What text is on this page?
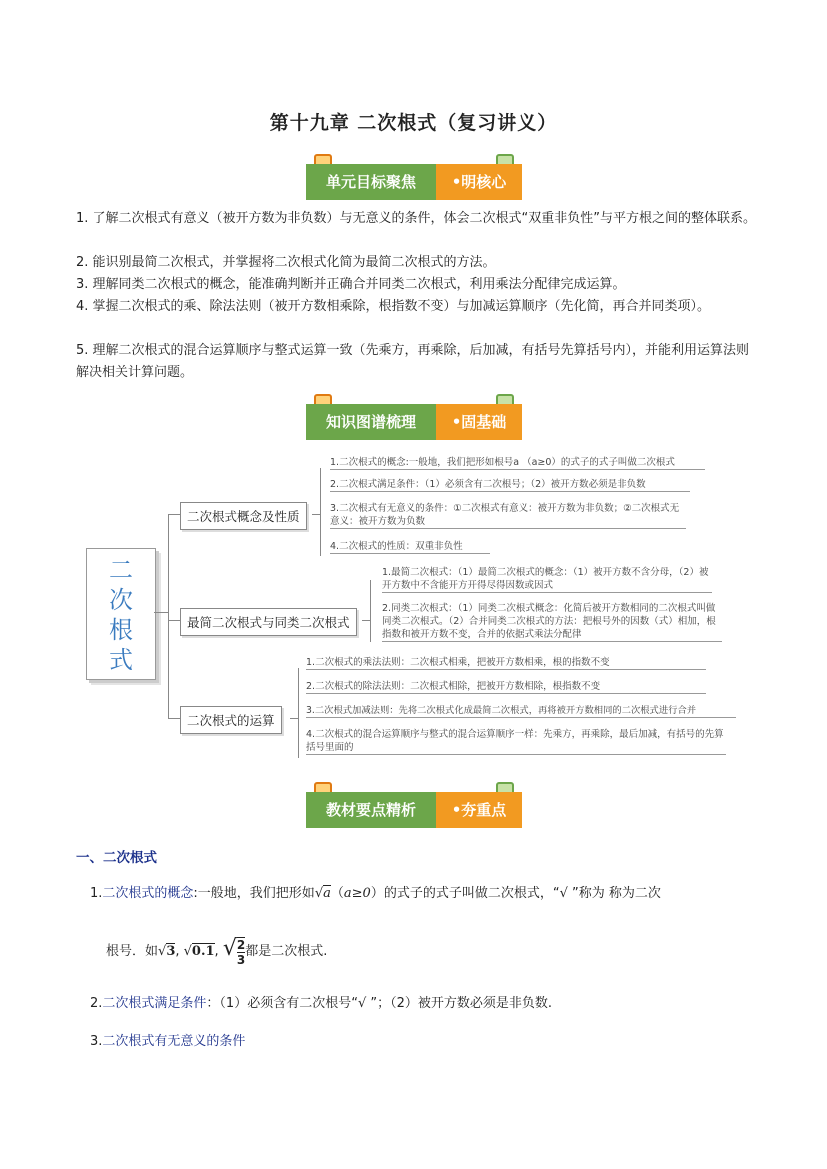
第十九章 二次根式（复习讲义）
单元目标聚焦	•明核心
1. 了解二次根式有意义（被开方数为非负数）与无意义的条件，体会二次根式“双重非负性”与平方根之间的整体联系。
2. 能识别最简二次根式，并掌握将二次根式化简为最简二次根式的方法。
3. 理解同类二次根式的概念，能准确判断并正确合并同类二次根式，利用乘法分配律完成运算。
4. 掌握二次根式的乘、除法法则（被开方数相乘除，根指数不变）与加减运算顺序（先化简，再合并同类项）。
5. 理解二次根式的混合运算顺序与整式运算一致（先乘方，再乘除，后加减，有括号先算括号内），并能利用运算法则解决相关计算问题。
知识图谱梳理	•固基础
二
次
根
式
二次根式概念及性质
最简二次根式与同类二次根式
二次根式的运算
1.二次根式的概念:一般地，我们把形如根号a （a≥0）的式子的式子叫做二次根式
2.二次根式满足条件：（1）必须含有二次根号；（2）被开方数必须是非负数
3.二次根式有无意义的条件：①二次根式有意义：被开方数为非负数；②二次根式无意义：被开方数为负数
4.二次根式的性质：双重非负性
1.最简二次根式：（1）最简二次根式的概念：（1）被开方数不含分母，（2）被开方数中不含能开方开得尽得因数或因式
2.同类二次根式：（1）同类二次根式概念：化简后被开方数相同的二次根式叫做同类二次根式。（2）合并同类二次根式的方法：把根号外的因数（式）相加，根指数和被开方数不变，合并的依据式乘法分配律
1.二次根式的乘法法则：二次根式相乘，把被开方数相乘，根的指数不变
2.二次根式的除法法则：二次根式相除，把被开方数相除，根指数不变
3.二次根式加减法则：先将二次根式化成最简二次根式，再将被开方数相同的二次根式进行合并
4.二次根式的混合运算顺序与整式的混合运算顺序一样：先乘方，再乘除，最后加减，有括号的先算括号里面的
教材要点精析	•夯重点
一、二次根式
1.二次根式的概念:一般地，我们把形如√a（a≥0）的式子的式子叫做二次根式，“√ ”称为 称为二次
根号．如√3, √0.1, √ $\frac{2}{3}$ 都是二次根式.
2.二次根式满足条件：（1）必须含有二次根号“√ ”；（2）被开方数必须是非负数.
3.二次根式有无意义的条件
